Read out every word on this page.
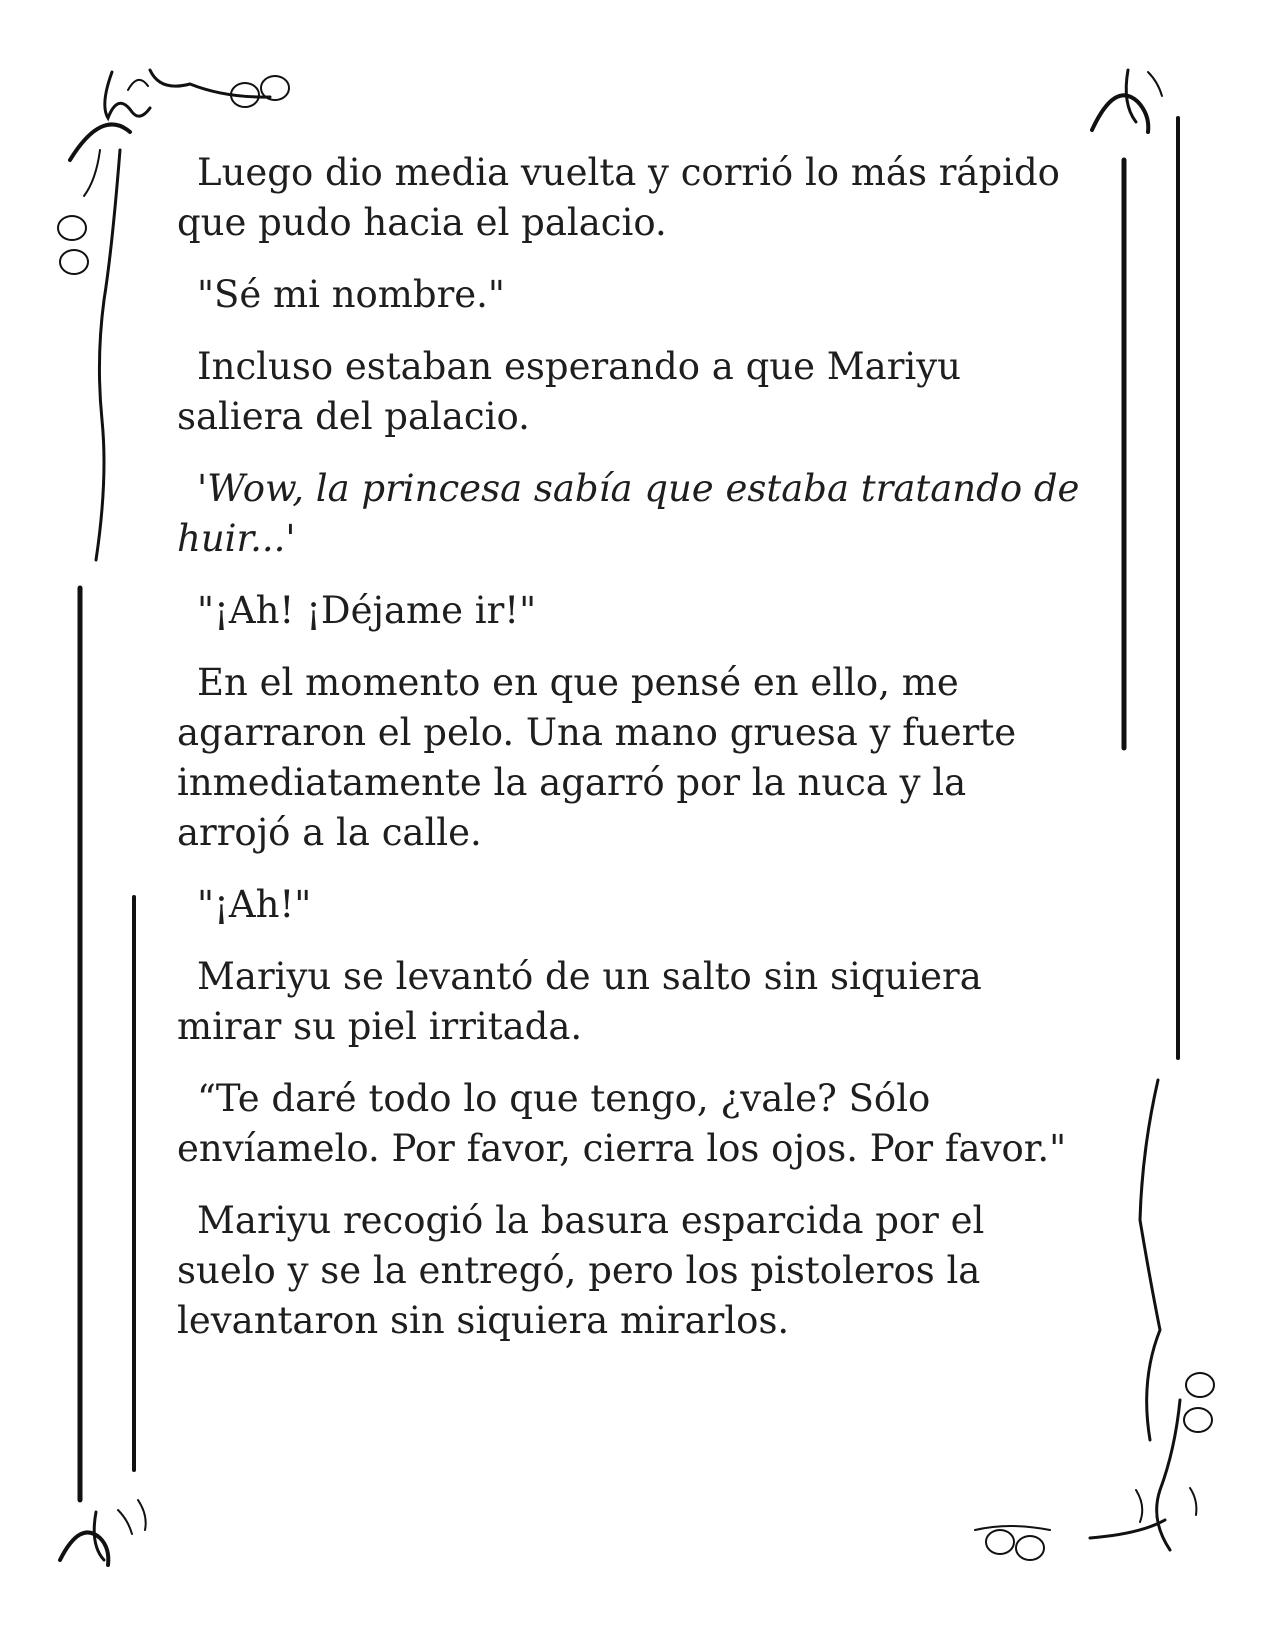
Luego dio media vuelta y corrió lo más rápido que pudo hacia el palacio.

"Sé mi nombre."

Incluso estaban esperando a que Mariyu saliera del palacio.

'Wow, la princesa sabía que estaba tratando de huir...'

"¡Ah! ¡Déjame ir!"

En el momento en que pensé en ello, me agarraron el pelo. Una mano gruesa y fuerte inmediatamente la agarró por la nuca y la arrojó a la calle.

"¡Ah!"

Mariyu se levantó de un salto sin siquiera mirar su piel irritada.

“Te daré todo lo que tengo, ¿vale? Sólo envíamelo. Por favor, cierra los ojos. Por favor."

Mariyu recogió la basura esparcida por el suelo y se la entregó, pero los pistoleros la levantaron sin siquiera mirarlos.
